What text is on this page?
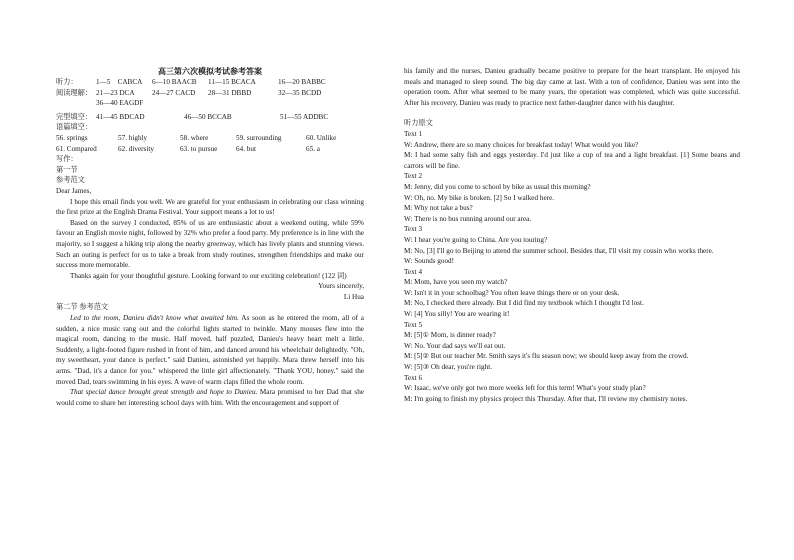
高三第六次模拟考试参考答案
听力：	1—5　CABCA	6—10 BAACB	11—15 BCACA	16—20 BABBC
阅读理解： 21—23 DCA	24—27 CACD	28—31 DBBD	32—35 BCDD
36—40 EAGDF
完型填空： 41—45 BDCAD	46—50 BCCAB	51—55 ADDBC
语篇填空：
56. springs	57. highly	58. where	59. surrounding	60. Unlike
61. Compared	62. diversity	63. to pursue	64. but	65. a
写作：
第一节
参考范文
Dear James,

I hope this email finds you well. We are grateful for your enthusiasm in celebrating our class winning the first prize at the English Drama Festival. Your support means a lot to us!

Based on the survey I conducted, 85% of us are enthusiastic about a weekend outing, while 59% favour an English movie night, followed by 32% who prefer a food party. My preference is in line with the majority, so I suggest a hiking trip along the nearby greenway, which has lively plants and stunning views. Such an outing is perfect for us to take a break from study routines, strengthen friendships and make our success more memorable.

Thanks again for your thoughtful gesture. Looking forward to our exciting celebration! (122 词)

Yours sincerely,
Li Hua
第二节 参考范文

Led to the room, Danieu didn't know what awaited him. As soon as he entered the room, all of a sudden, a nice music rang out and the colorful lights started to twinkle. Many mouses flew into the magical room, dancing to the music. Half moved, half puzzled, Danieu's heavy heart melt a little. Suddenly, a light-footed figure rushed in front of him, and danced around his wheelchair delightedly. "Oh, my sweetheart, your dance is perfect." said Danieu, astonished yet happily. Mara threw herself into his arms. "Dad, it's a dance for you." whispered the little girl affectionately. "Thank YOU, honey." said the moved Dad, tears swimming in his eyes. A wave of warm claps filled the whole room.

That special dance brought great strength and hope to Danieu. Mara promised to her Dad that she would come to share her interesting school days with him. With the encouragement and support of

his family and the nurses, Danieu gradually became positive to prepare for the heart transplant. He enjoyed his meals and managed to sleep sound. The big day came at last. With a ton of confidence, Danieu was sent into the operation room. After what seemed to be many years, the operation was completed, which was quite successful. After his recovery, Danieu was ready to practice next father-daughter dance with his daughter.

听力原文
Text 1
W: Andrew, there are so many choices for breakfast today! What would you like?
M: I had some salty fish and eggs yesterday. I'd just like a cup of tea and a light breakfast. [1] Some beans and carrots will be fine.
Text 2
M: Jenny, did you come to school by bike as usual this morning?
W: Oh, no. My bike is broken. [2] So I walked here.
M: Why not take a bus?
W: There is no bus running around our area.
Text 3
W: I hear you're going to China. Are you touring?
M: No, [3] I'll go to Beijing to attend the summer school. Besides that, I'll visit my cousin who works there.
W: Sounds good!
Text 4
M: Mom, have you seen my watch?
W: Isn't it in your schoolbag? You often leave things there or on your desk.
M: No, I checked there already. But I did find my textbook which I thought I'd lost.
W: [4] You silly! You are wearing it!
Text 5
M: [5]① Mom, is dinner ready?
W: No. Your dad says we'll eat out.
M: [5]② But our teacher Mr. Smith says it's flu season now; we should keep away from the crowd.
W: [5]③ Oh dear, you're right.
Text 6
W: Isaac, we've only got two more weeks left for this term! What's your study plan?
M: I'm going to finish my physics project this Thursday. After that, I'll review my chemistry notes.
